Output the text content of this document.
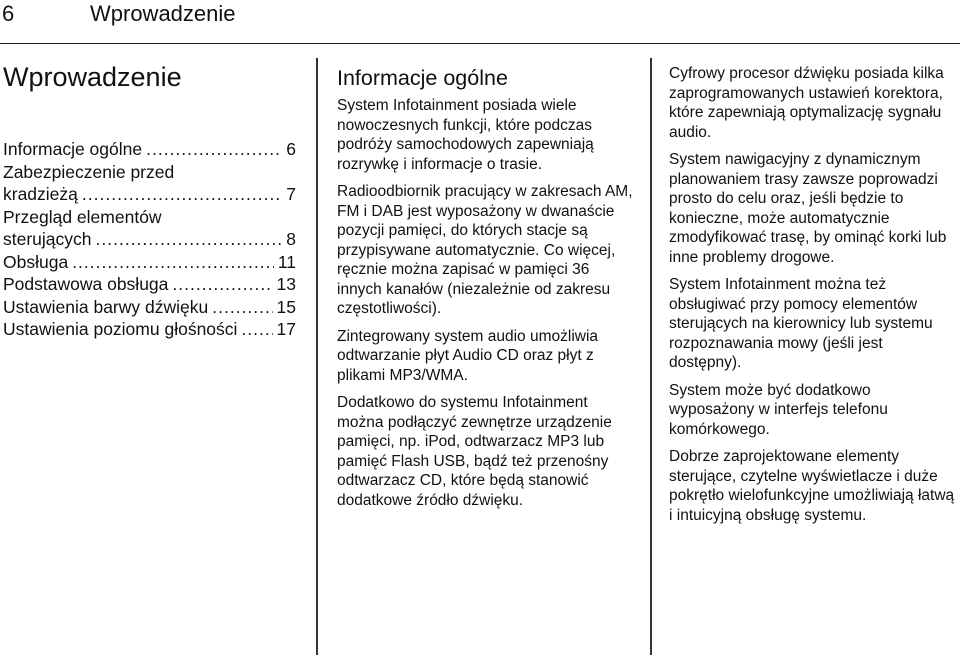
6	Wprowadzenie
Wprowadzenie
Informacje ogólne .....	6
Zabezpieczenie przed
kradzieżą .....	7
Przegląd elementów
sterujących .....	8
Obsługa .....	11
Podstawowa obsługa .....	13
Ustawienia barwy dźwięku .....	15
Ustawienia poziomu głośności ..... 17
Informacje ogólne

System Infotainment posiada wiele nowoczesnych funkcji, które podczas podróży samochodowych zapewniają rozrywkę i informacje o trasie.

Radioodbiornik pracujący w zakresach AM, FM i DAB jest wyposażony w dwanaście pozycji pamięci, do których stacje są przypisywane automatycznie. Co więcej, ręcznie można zapisać w pamięci 36 innych kanałów (niezależnie od zakresu częstotliwości).

Zintegrowany system audio umożliwia odtwarzanie płyt Audio CD oraz płyt z plikami MP3/WMA.

Dodatkowo do systemu Infotainment można podłączyć zewnętrze urządzenie pamięci, np. iPod, odtwarzacz MP3 lub pamięć Flash USB, bądź też przenośny odtwarzacz CD, które będą stanowić dodatkowe źródło dźwięku.

Cyfrowy procesor dźwięku posiada kilka zaprogramowanych ustawień korektora, które zapewniają optymalizację sygnału audio.

System nawigacyjny z dynamicznym planowaniem trasy zawsze poprowadzi prosto do celu oraz, jeśli będzie to konieczne, może automatycznie zmodyfikować trasę, by ominąć korki lub inne problemy drogowe.

System Infotainment można też obsługiwać przy pomocy elementów sterujących na kierownicy lub systemu rozpoznawania mowy (jeśli jest dostępny).

System może być dodatkowo wyposażony w interfejs telefonu komórkowego.

Dobrze zaprojektowane elementy sterujące, czytelne wyświetlacze i duże pokrętło wielofunkcyjne umożliwiają łatwą i intuicyjną obsługę systemu.
